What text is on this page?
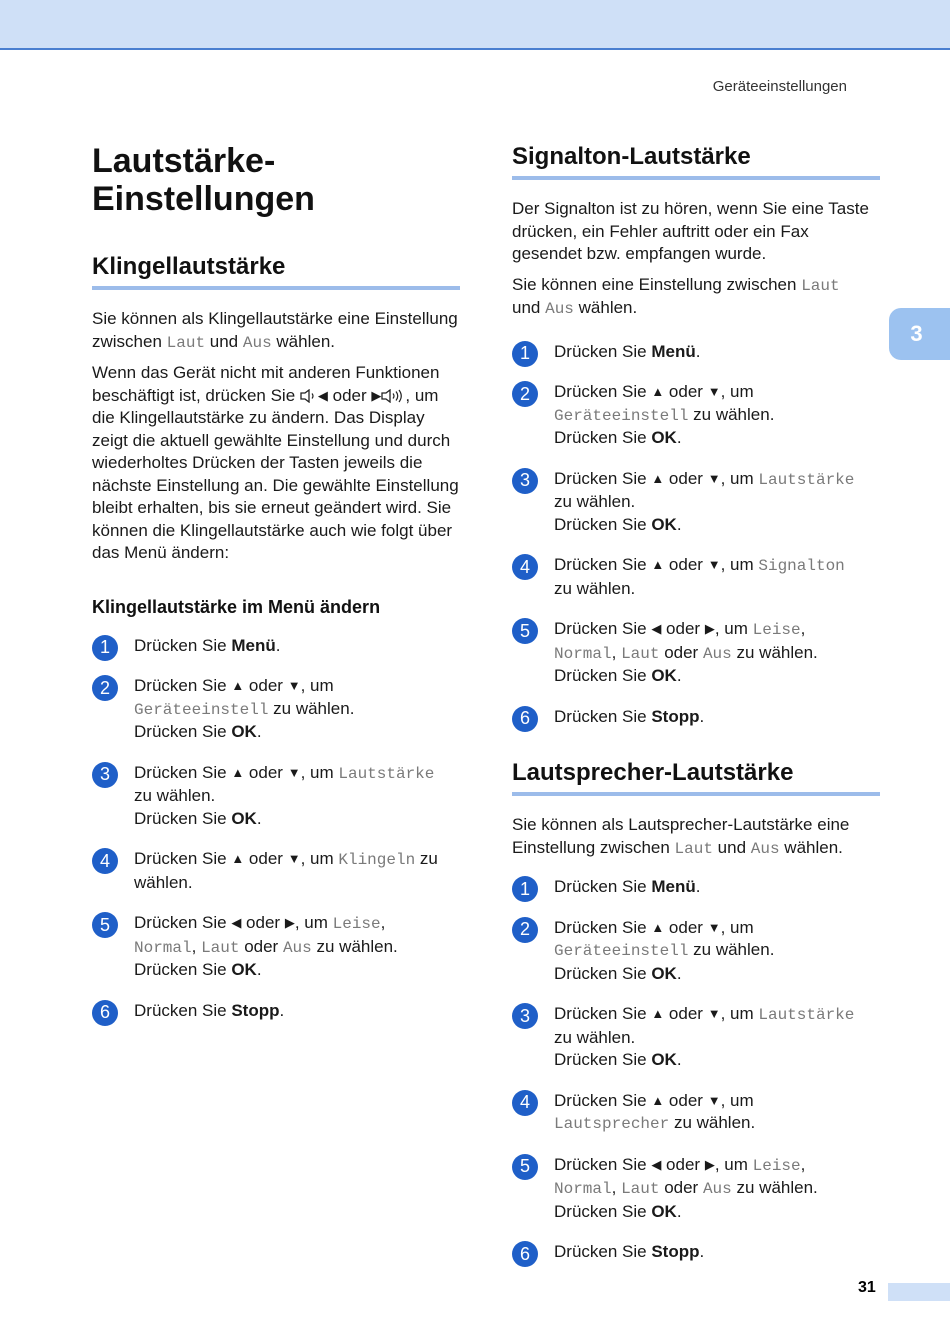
Geräteeinstellungen
3
Lautstärke-
Einstellungen
Klingellautstärke

Sie können als Klingellautstärke eine Einstellung zwischen Laut und Aus wählen.

Wenn das Gerät nicht mit anderen Funktionen beschäftigt ist, drücken Sie ◀ oder ▶ , um die Klingellautstärke zu ändern. Das Display zeigt die aktuell gewählte Einstellung und durch wiederholtes Drücken der Tasten jeweils die nächste Einstellung an. Die gewählte Einstellung bleibt erhalten, bis sie erneut geändert wird. Sie können die Klingellautstärke auch wie folgt über das Menü ändern:

Klingellautstärke im Menü ändern
1	Drücken Sie Menü.
2	Drücken Sie ▲ oder ▼, um
Geräteeinstell zu wählen.
Drücken Sie OK.
3	Drücken Sie ▲ oder ▼, um Lautstärke
zu wählen.
Drücken Sie OK.
4	Drücken Sie ▲ oder ▼, um Klingeln zu wählen.
5	Drücken Sie ◀ oder ▶, um Leise,
Normal, Laut oder Aus zu wählen.
Drücken Sie OK.
6	Drücken Sie Stopp.
Signalton-Lautstärke

Der Signalton ist zu hören, wenn Sie eine Taste drücken, ein Fehler auftritt oder ein Fax gesendet bzw. empfangen wurde.

Sie können eine Einstellung zwischen Laut
und Aus wählen.

1	Drücken Sie Menü.
2	Drücken Sie ▲ oder ▼, um
Geräteeinstell zu wählen.
Drücken Sie OK.
3	Drücken Sie ▲ oder ▼, um Lautstärke
zu wählen.
Drücken Sie OK.
4	Drücken Sie ▲ oder ▼, um Signalton
zu wählen.
5	Drücken Sie ◀ oder ▶, um Leise,
Normal, Laut oder Aus zu wählen.
Drücken Sie OK.
6	Drücken Sie Stopp.
Lautsprecher-Lautstärke

Sie können als Lautsprecher-Lautstärke eine Einstellung zwischen Laut und Aus wählen.

1	Drücken Sie Menü.
2	Drücken Sie ▲ oder ▼, um
Geräteeinstell zu wählen.
Drücken Sie OK.
3	Drücken Sie ▲ oder ▼, um Lautstärke
zu wählen.
Drücken Sie OK.
4	Drücken Sie ▲ oder ▼, um
Lautsprecher zu wählen.
5	Drücken Sie ◀ oder ▶, um Leise,
Normal, Laut oder Aus zu wählen.
Drücken Sie OK.
6	Drücken Sie Stopp.
31
